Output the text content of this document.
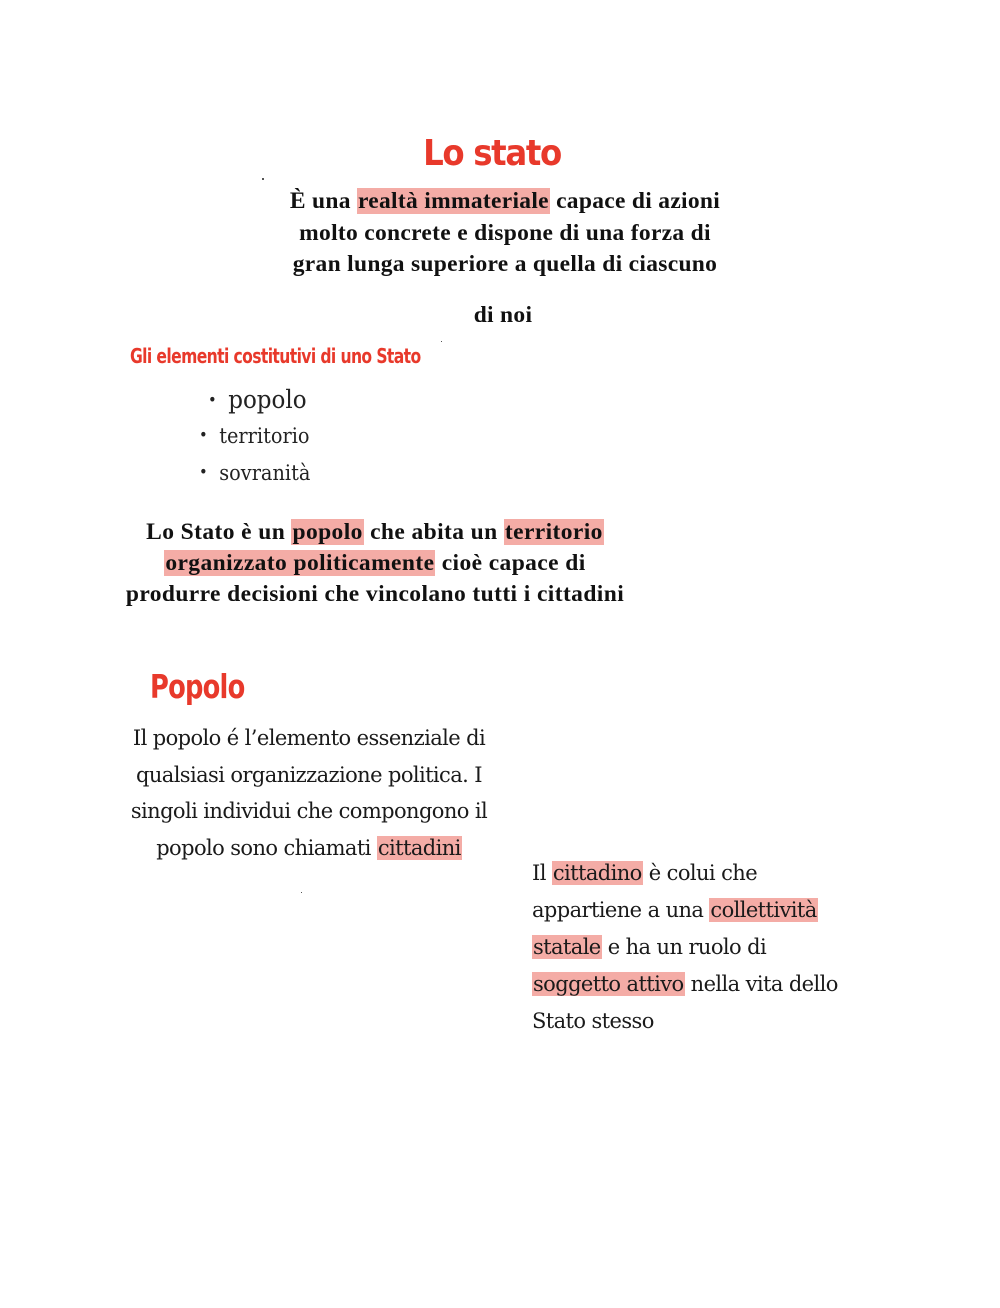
Lo stato
È una realtà immateriale capace di azioni
molto concrete e dispone di una forza di
gran lunga superiore a quella di ciascuno
di noi
Gli elementi costitutivi di uno Stato
• popolo
• territorio
• sovranità
Lo Stato è un popolo che abita un territorio
organizzato politicamente cioè capace di
produrre decisioni che vincolano tutti i cittadini
Popolo
Il popolo é l’elemento essenziale di
qualsiasi organizzazione politica. I
singoli individui che compongono il
popolo sono chiamati cittadini
Il cittadino è colui che
appartiene a una collettività
statale e ha un ruolo di
soggetto attivo nella vita dello
Stato stesso
